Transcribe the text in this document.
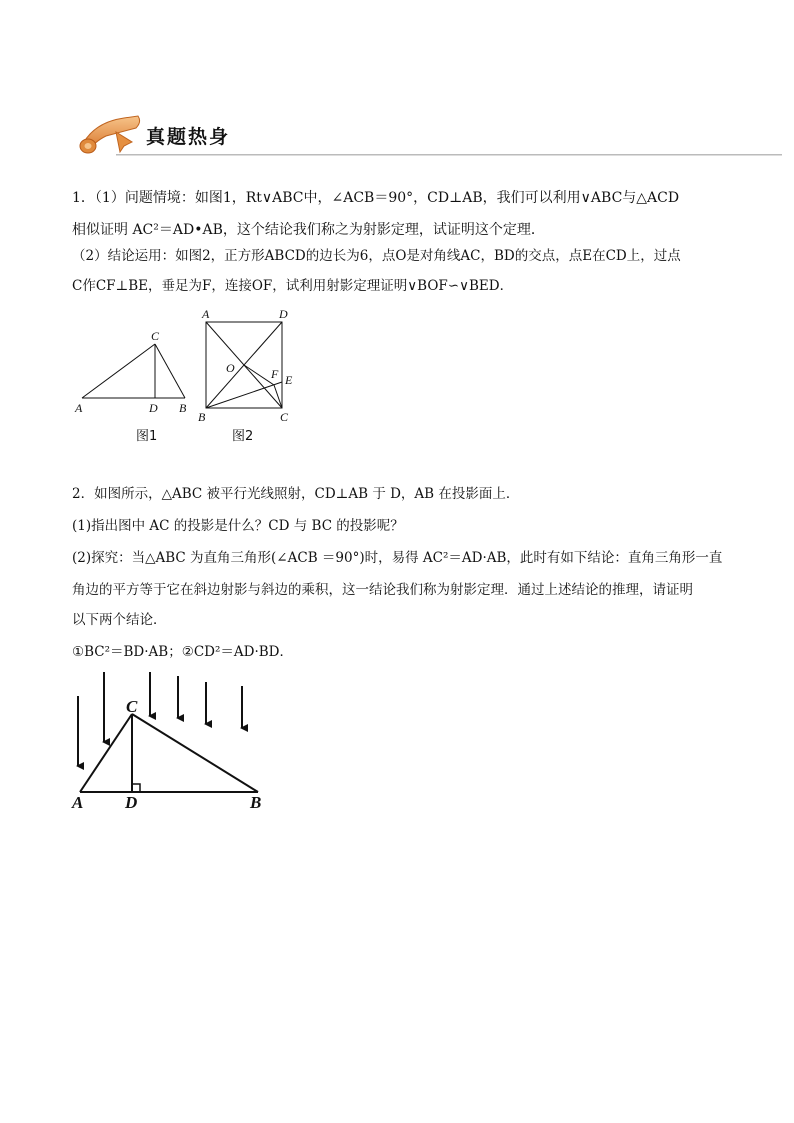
真题热身
1．（1）问题情境：如图1，Rt∨ABC中，∠ACB＝90°，CD⊥AB，我们可以利用∨ABC与△ACD
相似证明 AC²＝AD•AB，这个结论我们称之为射影定理，试证明这个定理．
（2）结论运用：如图2，正方形ABCD的边长为6，点O是对角线AC，BD的交点，点E在CD上，过点
C作CF⊥BE，垂足为F，连接OF，试利用射影定理证明∨BOF∽∨BED．
C
A	D B
图1
A	D
O	F E
B	C
图2
2．如图所示，△ABC 被平行光线照射，CD⊥AB 于 D，AB 在投影面上．
(1)指出图中 AC 的投影是什么？CD 与 BC 的投影呢？
(2)探究：当△ABC 为直角三角形(∠ACB ＝90°)时，易得 AC²＝AD·AB，此时有如下结论：直角三角形一直
角边的平方等于它在斜边射影与斜边的乘积，这一结论我们称为射影定理．通过上述结论的推理，请证明
以下两个结论．
①BC²＝BD·AB；②CD²＝AD·BD．
C
A D	B
